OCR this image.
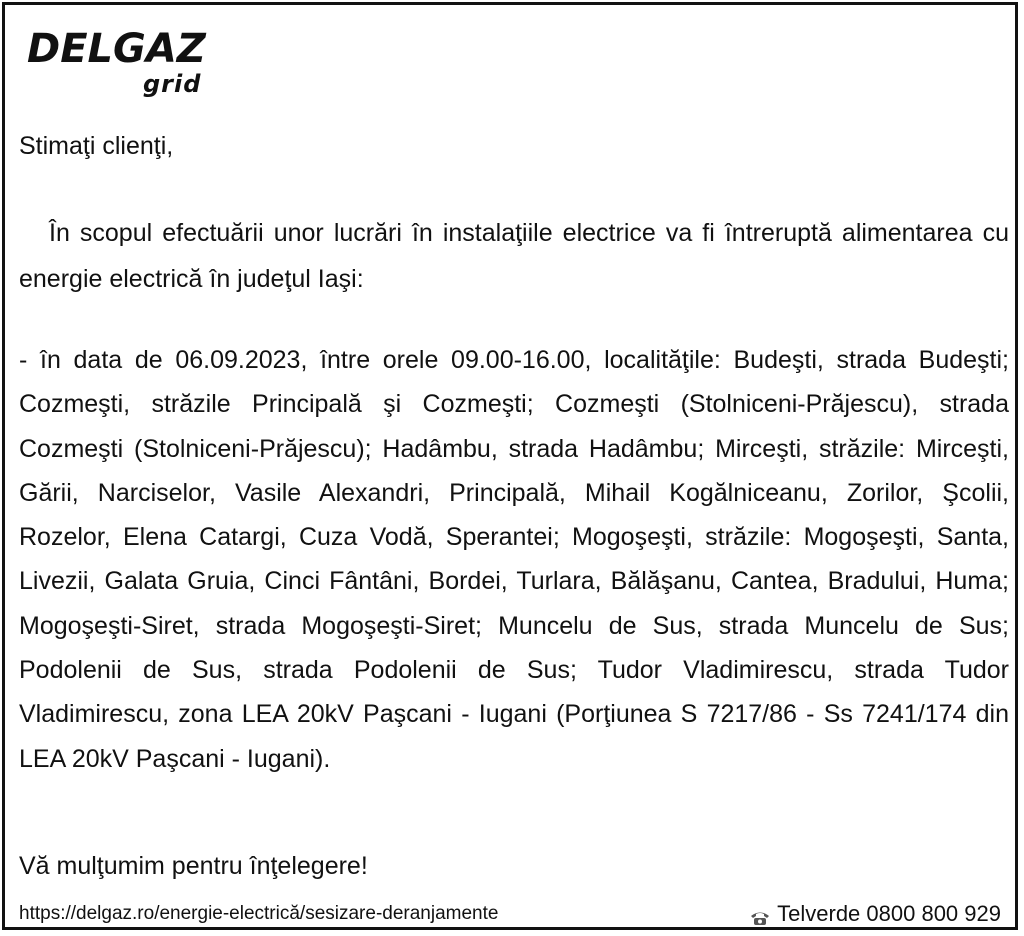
DELGAZ
grid
Stimaţi clienţi,
În scopul efectuării unor lucrări în instalaţiile electrice va fi întreruptă alimentarea cu energie electrică în judeţul Iaşi:
- în data de 06.09.2023, între orele 09.00-16.00, localităţile: Budeşti, strada Budeşti; Cozmeşti, străzile Principală şi Cozmeşti; Cozmeşti (Stolniceni-Prăjescu), strada Cozmeşti (Stolniceni-Prăjescu); Hadâmbu, strada Hadâmbu; Mirceşti, străzile: Mirceşti, Gării, Narciselor, Vasile Alexandri, Principală, Mihail Kogălniceanu, Zorilor, Şcolii, Rozelor, Elena Catargi, Cuza Vodă, Sperantei; Mogoşeşti, străzile: Mogoşeşti, Santa, Livezii, Galata Gruia, Cinci Fântâni, Bordei, Turlara, Bălăşanu, Cantea, Bradului, Huma; Mogoşeşti-Siret, strada Mogoşeşti-Siret; Muncelu de Sus, strada Muncelu de Sus; Podolenii de Sus, strada Podolenii de Sus; Tudor Vladimirescu, strada Tudor Vladimirescu, zona LEA 20kV Paşcani - Iugani (Porţiunea S 7217/86 - Ss 7241/174 din LEA 20kV Paşcani - Iugani).
Vă mulţumim pentru înţelegere!
https://delgaz.ro/energie-electrică/sesizare-deranjamente	Telverde 0800 800 929
